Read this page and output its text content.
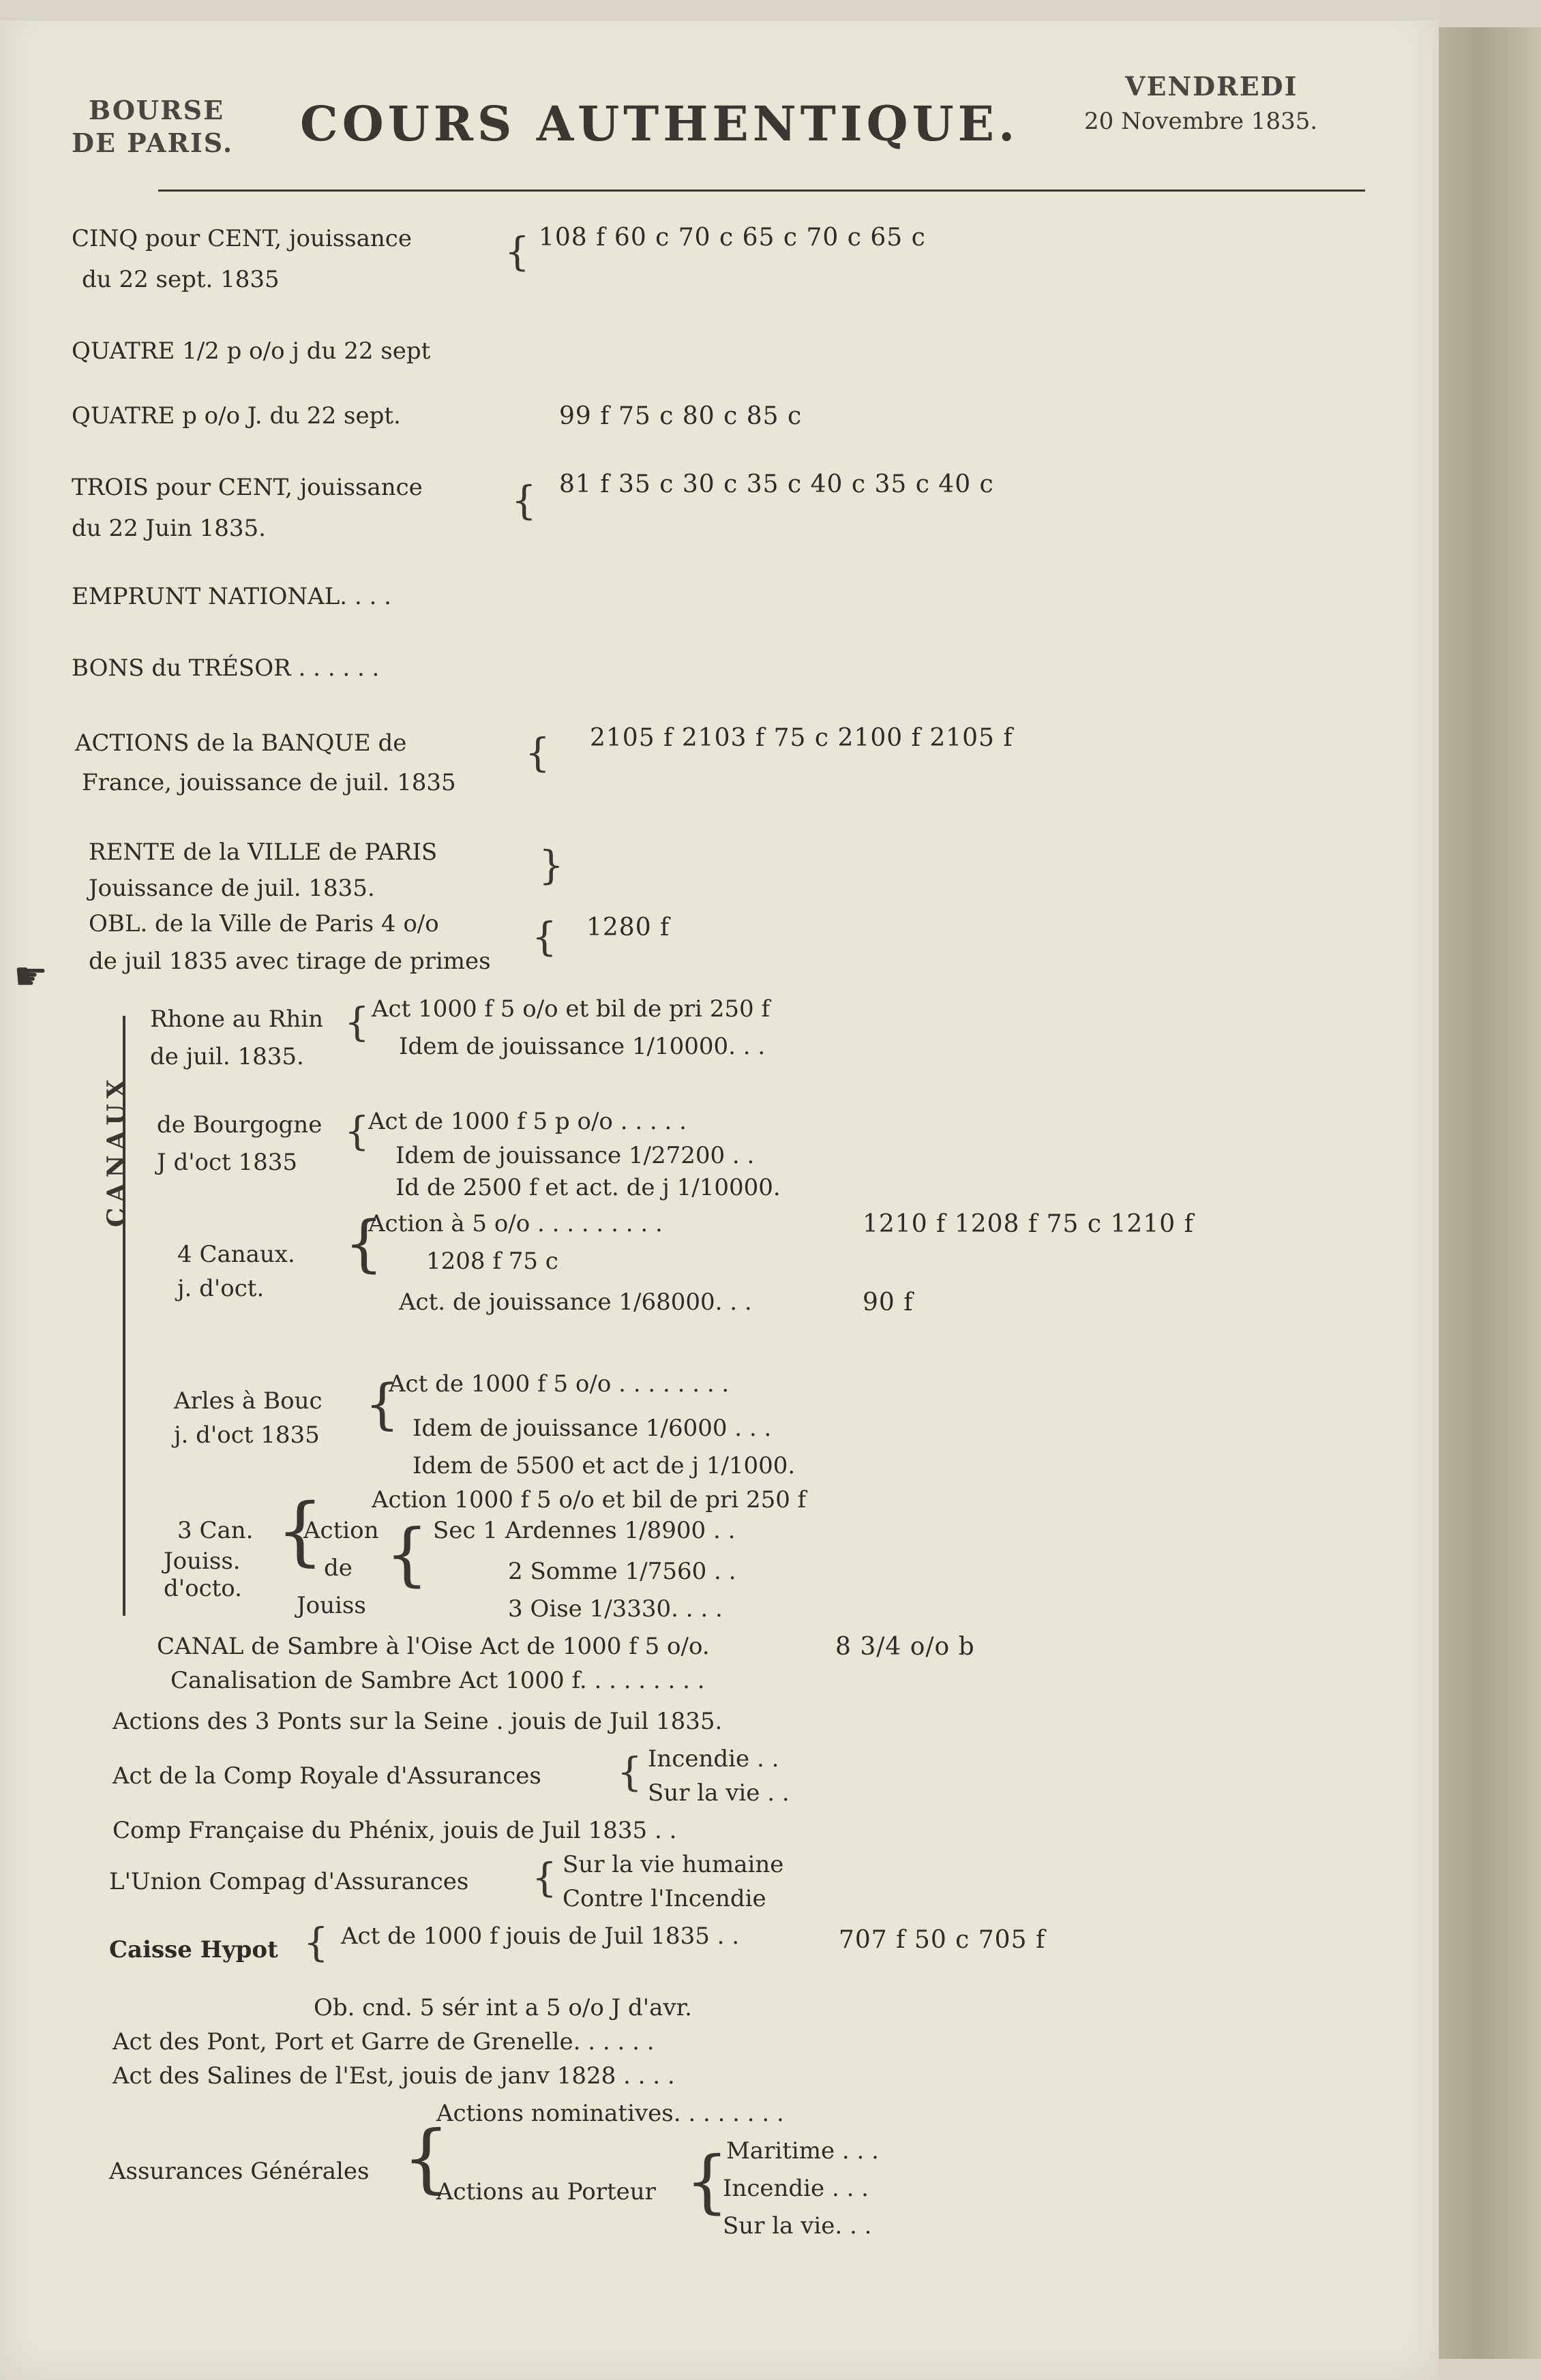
BOURSE
DE PARIS. COURS AUTHENTIQUE.
VENDREDI
20 Novembre 1835.
CINQ pour CENT, jouissance
du 22 sept. 1835
{ 108 f 60 c 70 c 65 c 70 c 65 c
QUATRE 1/2 p o/o j du 22 sept
QUATRE p o/o J. du 22 sept.	99 f 75 c 80 c 85 c
TROIS pour CENT, jouissance
du 22 Juin 1835.
{ 81 f 35 c 30 c 35 c 40 c 35 c 40 c
EMPRUNT NATIONAL. . . .
BONS du TRÉSOR . . . . . .
ACTIONS de la BANQUE de
France, jouissance de juil. 1835
{ 2105 f 2103 f 75 c 2100 f 2105 f
RENTE de la VILLE de PARIS
Jouissance de juil. 1835.	}
OBL. de la Ville de Paris 4 o/o
de juil 1835 avec tirage de primes
{ 1280 f
☛
CANAUX
Rhone au Rhin
de juil. 1835.
{ Act 1000 f 5 o/o et bil de pri 250 f
Idem de jouissance 1/10000. . .
de Bourgogne
J d'oct 1835
{
Act de 1000 f 5 p o/o . . . . .
Idem de jouissance 1/27200 . .
Id de 2500 f et act. de j 1/10000.
4 Canaux.
j. d'oct.
{
Action à 5 o/o . . . . . . . . .	1210 f 1208 f 75 c 1210 f
1208 f 75 c
Act. de jouissance 1/68000. . .	90 f
Arles à Bouc
j. d'oct 1835 {
Act de 1000 f 5 o/o . . . . . . . .
Idem de jouissance 1/6000 . . .
Idem de 5500 et act de j 1/1000.
Action 1000 f 5 o/o et bil de pri 250 f
3 Can.
Jouiss.
d'octo.
{
Action
de
Jouiss
{ Sec 1 Ardennes 1/8900 . .
2 Somme 1/7560 . .
3 Oise 1/3330. . . .
CANAL de Sambre à l'Oise Act de 1000 f 5 o/o.	8 3/4 o/o b
Canalisation de Sambre Act 1000 f. . . . . . . . .
Actions des 3 Ponts sur la Seine . jouis de Juil 1835.
Act de la Comp Royale d'Assurances { Incendie . .
Sur la vie . .
Comp Française du Phénix, jouis de Juil 1835 . .
L'Union Compag d'Assurances { Sur la vie humaine
Contre l'Incendie
Caisse Hypot { Act de 1000 f jouis de Juil 1835 . .	707 f 50 c 705 f
Ob. cnd. 5 sér int a 5 o/o J d'avr.
Act des Pont, Port et Garre de Grenelle. . . . . .
Act des Salines de l'Est, jouis de janv 1828 . . . .
Actions nominatives. . . . . . . .
Assurances Générales {
Actions au Porteur {
Maritime . . .
Incendie . . .
Sur la vie. . .
